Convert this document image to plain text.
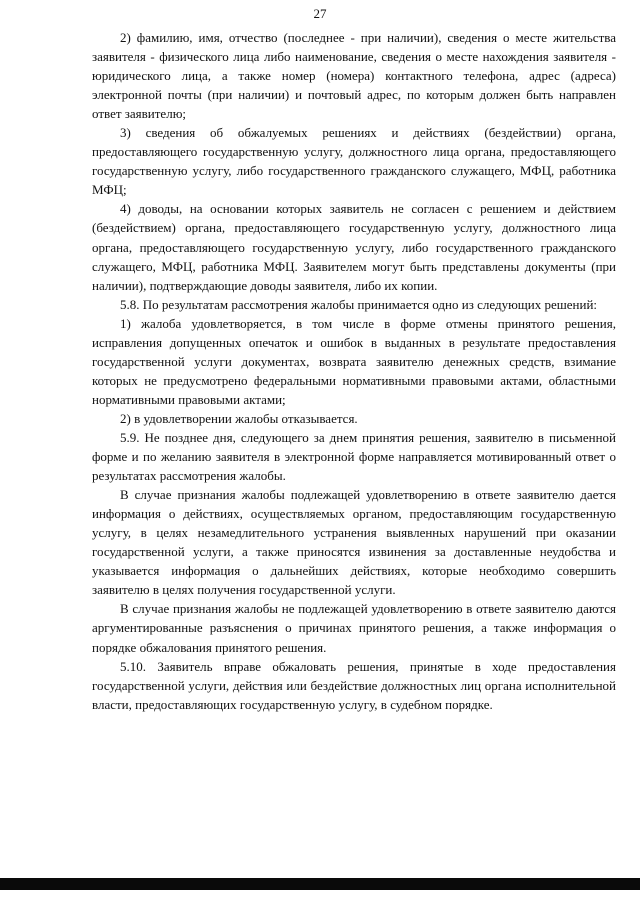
27

2) фамилию, имя, отчество (последнее - при наличии), сведения о месте жительства заявителя - физического лица либо наименование, сведения о месте нахождения заявителя - юридического лица, а также номер (номера) контактного телефона, адрес (адреса) электронной почты (при наличии) и почтовый адрес, по которым должен быть направлен ответ заявителю;

3) сведения об обжалуемых решениях и действиях (бездействии) органа, предоставляющего государственную услугу, должностного лица органа, предоставляющего государственную услугу, либо государственного гражданского служащего, МФЦ, работника МФЦ;

4) доводы, на основании которых заявитель не согласен с решением и действием (бездействием) органа, предоставляющего государственную услугу, должностного лица органа, предоставляющего государственную услугу, либо государственного гражданского служащего, МФЦ, работника МФЦ. Заявителем могут быть представлены документы (при наличии), подтверждающие доводы заявителя, либо их копии.

5.8. По результатам рассмотрения жалобы принимается одно из следующих решений:

1) жалоба удовлетворяется, в том числе в форме отмены принятого решения, исправления допущенных опечаток и ошибок в выданных в результате предоставления государственной услуги документах, возврата заявителю денежных средств, взимание которых не предусмотрено федеральными нормативными правовыми актами, областными нормативными правовыми актами;

2) в удовлетворении жалобы отказывается.

5.9. Не позднее дня, следующего за днем принятия решения, заявителю в письменной форме и по желанию заявителя в электронной форме направляется мотивированный ответ о результатах рассмотрения жалобы.

В случае признания жалобы подлежащей удовлетворению в ответе заявителю дается информация о действиях, осуществляемых органом, предоставляющим государственную услугу, в целях незамедлительного устранения выявленных нарушений при оказании государственной услуги, а также приносятся извинения за доставленные неудобства и указывается информация о дальнейших действиях, которые необходимо совершить заявителю в целях получения государственной услуги.

В случае признания жалобы не подлежащей удовлетворению в ответе заявителю даются аргументированные разъяснения о причинах принятого решения, а также информация о порядке обжалования принятого решения.

5.10. Заявитель вправе обжаловать решения, принятые в ходе предоставления государственной услуги, действия или бездействие должностных лиц органа исполнительной власти, предоставляющих государственную услугу, в судебном порядке.
